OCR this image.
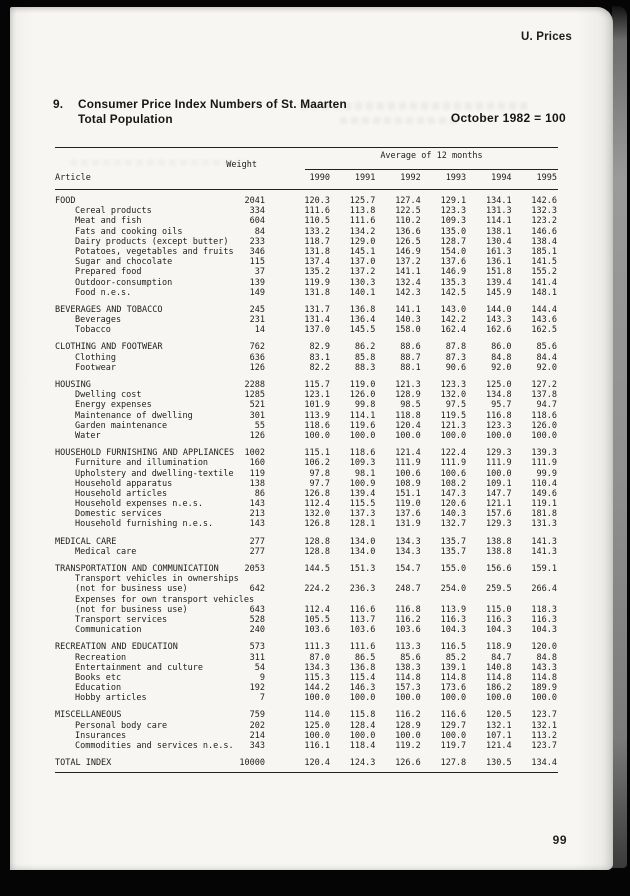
U. Prices
9. Consumer Price Index Numbers of St. Maarten
Total Population	October 1982 = 100
Average of 12 months
Weight
Article	1990	1991	1992	1993	1994	1995
FOOD	2041	120.3	125.7	127.4	129.1	134.1	142.6
Cereal products	334	111.6	113.8	122.5	123.3	131.3	132.3
Meat and fish	604	110.5	111.6	110.2	109.3	114.1	123.2
Fats and cooking oils	84	133.2	134.2	136.6	135.0	138.1	146.6
Dairy products (except butter)	233	118.7	129.0	126.5	128.7	130.4	138.4
Potatoes, vegetables and fruits	346	131.8	145.1	146.9	154.0	161.3	185.1
Sugar and chocolate	115	137.4	137.0	137.2	137.6	136.1	141.5
Prepared food	37	135.2	137.2	141.1	146.9	151.8	155.2
Outdoor-consumption	139	119.9	130.3	132.4	135.3	139.4	141.4
Food n.e.s.	149	131.8	140.1	142.3	142.5	145.9	148.1
BEVERAGES AND TOBACCO	245	131.7	136.8	141.1	143.0	144.0	144.4
Beverages	231	131.4	136.4	140.3	142.2	143.3	143.6
Tobacco	14	137.0	145.5	158.0	162.4	162.6	162.5
CLOTHING AND FOOTWEAR	762	82.9	86.2	88.6	87.8	86.0	85.6
Clothing	636	83.1	85.8	88.7	87.3	84.8	84.4
Footwear	126	82.2	88.3	88.1	90.6	92.0	92.0
HOUSING	2288	115.7	119.0	121.3	123.3	125.0	127.2
Dwelling cost	1285	123.1	126.0	128.9	132.0	134.8	137.8
Energy expenses	521	101.9	99.8	98.5	97.5	95.7	94.7
Maintenance of dwelling	301	113.9	114.1	118.8	119.5	116.8	118.6
Garden maintenance	55	118.6	119.6	120.4	121.3	123.3	126.0
Water	126	100.0	100.0	100.0	100.0	100.0	100.0
HOUSEHOLD FURNISHING AND APPLIANCES	1002	115.1	118.6	121.4	122.4	129.3	139.3
Furniture and illumination	160	106.2	109.3	111.9	111.9	111.9	111.9
Upholstery and dwelling-textile	119	97.8	98.1	100.6	100.6	100.0	99.9
Household apparatus	138	97.7	100.9	108.9	108.2	109.1	110.4
Household articles	86	126.8	139.4	151.1	147.3	147.7	149.6
Household expenses n.e.s.	143	112.4	115.5	119.0	120.6	121.1	119.1
Domestic services	213	132.0	137.3	137.6	140.3	157.6	181.8
Household furnishing n.e.s.	143	126.8	128.1	131.9	132.7	129.3	131.3
MEDICAL CARE	277	128.8	134.0	134.3	135.7	138.8	141.3
Medical care	277	128.8	134.0	134.3	135.7	138.8	141.3
TRANSPORTATION AND COMMUNICATION	2053	144.5	151.3	154.7	155.0	156.6	159.1
Transport vehicles in ownerships
(not for business use)	642	224.2	236.3	248.7	254.0	259.5	266.4
Expenses for own transport vehicles
(not for business use)	643	112.4	116.6	116.8	113.9	115.0	118.3
Transport services	528	105.5	113.7	116.2	116.3	116.3	116.3
Communication	240	103.6	103.6	103.6	104.3	104.3	104.3
RECREATION AND EDUCATION	573	111.3	111.6	113.3	116.5	118.9	120.0
Recreation	311	87.0	86.5	85.6	85.2	84.7	84.8
Entertainment and culture	54	134.3	136.8	138.3	139.1	140.8	143.3
Books etc	9	115.3	115.4	114.8	114.8	114.8	114.8
Education	192	144.2	146.3	157.3	173.6	186.2	189.9
Hobby articles	7	100.0	100.0	100.0	100.0	100.0	100.0
MISCELLANEOUS	759	114.0	115.8	116.2	116.6	120.5	123.7
Personal body care	202	125.0	128.4	128.9	129.7	132.1	132.1
Insurances	214	100.0	100.0	100.0	100.0	107.1	113.2
Commodities and services n.e.s.	343	116.1	118.4	119.2	119.7	121.4	123.7
TOTAL INDEX	10000	120.4	124.3	126.6	127.8	130.5	134.4
99
